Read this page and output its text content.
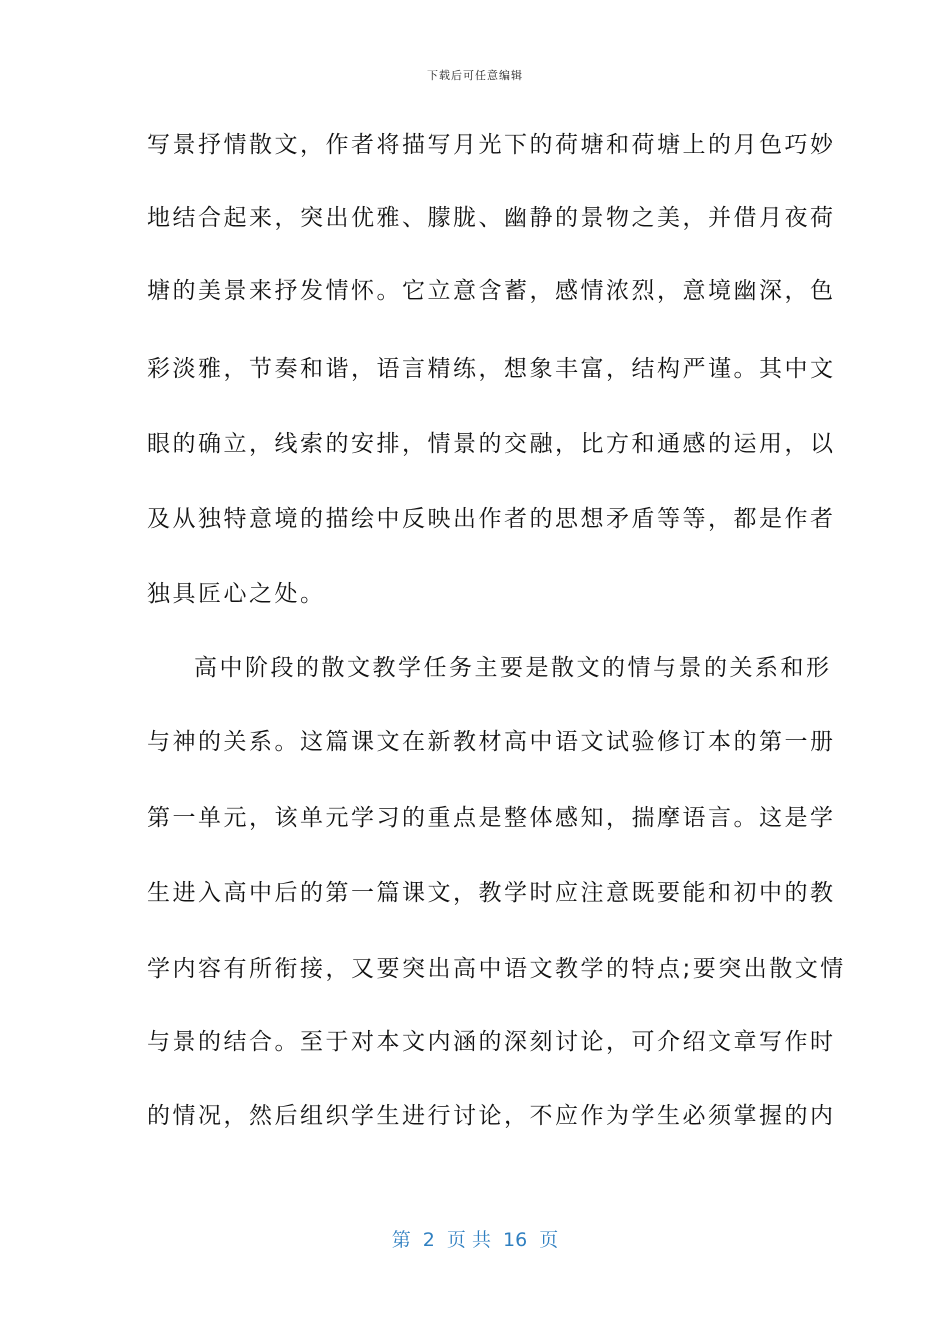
下载后可任意编辑
写景抒情散文，作者将描写月光下的荷塘和荷塘上的月色巧妙
地结合起来，突出优雅、朦胧、幽静的景物之美，并借月夜荷
塘的美景来抒发情怀。它立意含蓄，感情浓烈，意境幽深，色
彩淡雅，节奏和谐，语言精练，想象丰富，结构严谨。其中文
眼的确立，线索的安排，情景的交融，比方和通感的运用，以
及从独特意境的描绘中反映出作者的思想矛盾等等，都是作者
独具匠心之处。
高中阶段的散文教学任务主要是散文的情与景的关系和形
与神的关系。这篇课文在新教材高中语文试验修订本的第一册
第一单元，该单元学习的重点是整体感知，揣摩语言。这是学
生进入高中后的第一篇课文，教学时应注意既要能和初中的教
学内容有所衔接，又要突出高中语文教学的特点;要突出散文情
与景的结合。至于对本文内涵的深刻讨论，可介绍文章写作时
的情况，然后组织学生进行讨论，不应作为学生必须掌握的内
第  2  页 共  16  页
